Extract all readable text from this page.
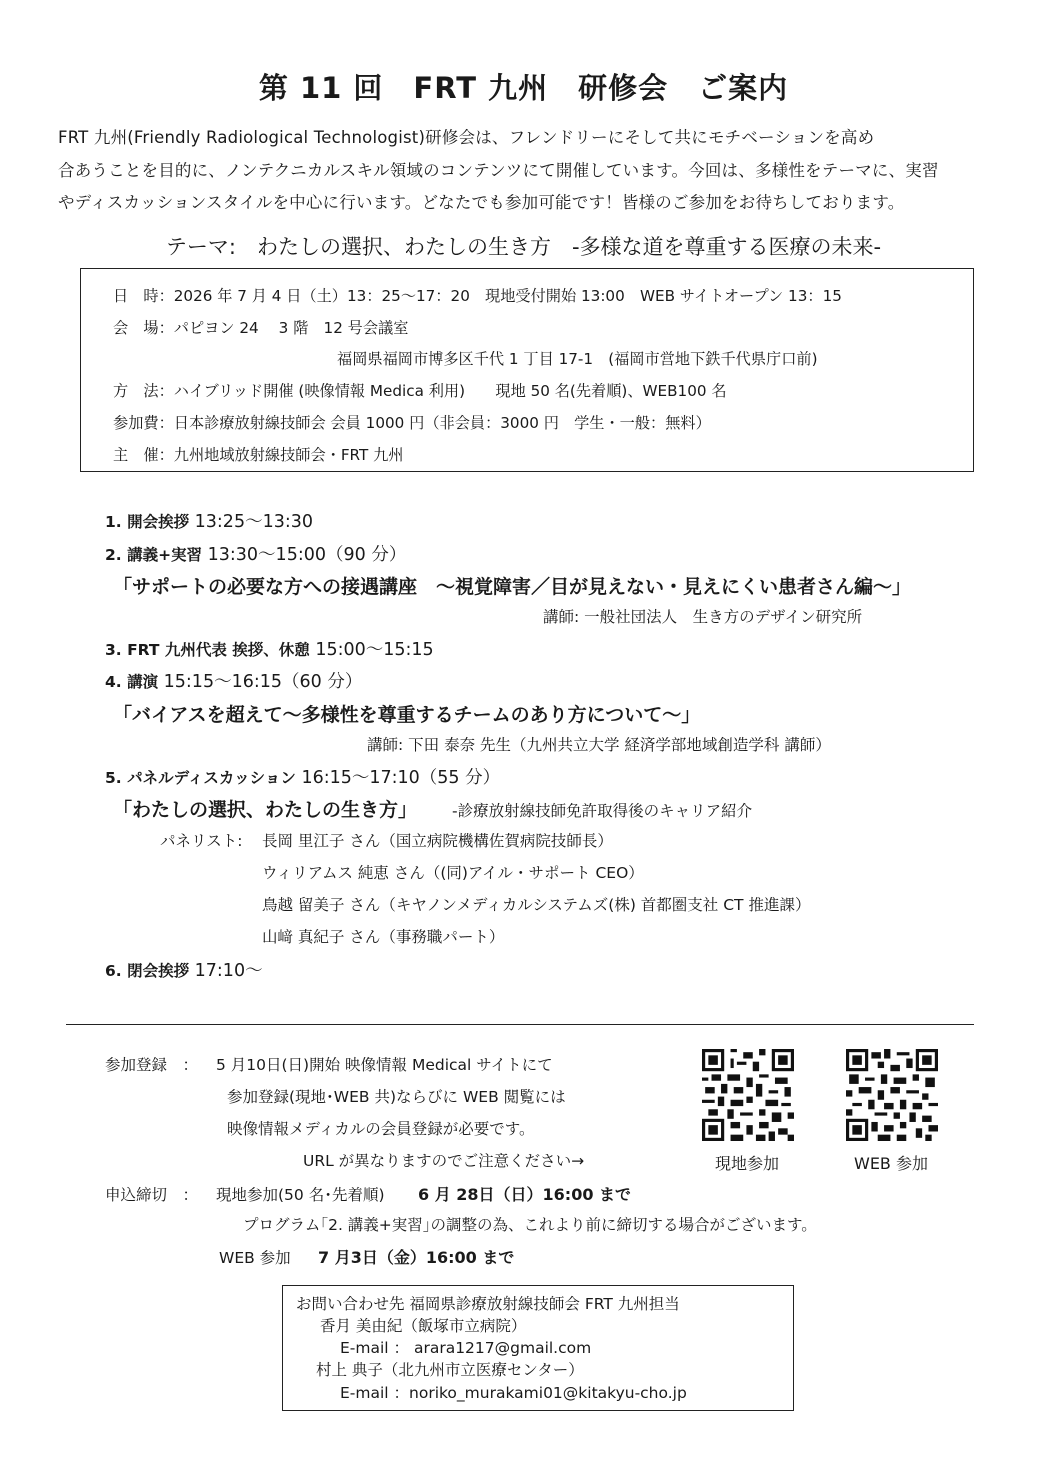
第 11 回　FRT 九州　研修会　ご案内
FRT 九州(Friendly Radiological Technologist)研修会は、フレンドリーにそして共にモチベーションを高め
合あうことを目的に、ノンテクニカルスキル領域のコンテンツにて開催しています。今回は、多様性をテーマに、実習
やディスカッションスタイルを中心に行います。どなたでも参加可能です！皆様のご参加をお待ちしております。
テーマ:　わたしの選択、わたしの生き方　-多様な道を尊重する医療の未来-
日　時：2026 年 7 月 4 日（土）13：25～17：20　現地受付開始 13:00　WEB サイトオープン 13：15
会　場：パピヨン 24　 3 階　12 号会議室
福岡県福岡市博多区千代 1 丁目 17-1　(福岡市営地下鉄千代県庁口前)
方　法：ハイブリッド開催 (映像情報 Medica 利用)　　現地 50 名(先着順)、WEB100 名
参加費：日本診療放射線技師会 会員 1000 円（非会員：3000 円　学生・一般：無料）
主　催：九州地域放射線技師会・FRT 九州
1. 開会挨拶 13:25～13:30
2. 講義+実習 13:30～15:00（90 分）
「サポートの必要な方への接遇講座　～視覚障害／目が見えない・見えにくい患者さん編～」
講師: 一般社団法人　生き方のデザイン研究所
3. FRT 九州代表 挨拶、休憩 15:00～15:15
4. 講演 15:15～16:15（60 分）
「バイアスを超えて～多様性を尊重するチームのあり方について～」
講師: 下田 泰奈 先生（九州共立大学 経済学部地域創造学科 講師）
5. パネルディスカッション 16:15～17:10（55 分）
「わたしの選択、わたしの生き方」 -診療放射線技師免許取得後のキャリア紹介
パネリスト: 長岡 里江子 さん（国立病院機構佐賀病院技師長）
ウィリアムス 純恵 さん（(同)アイル・サポート CEO）
鳥越 留美子 さん（キヤノンメディカルシステムズ(株) 首都圏支社 CT 推進課）
山﨑 真紀子 さん（事務職パート）
6. 閉会挨拶 17:10～
参加登録　： 5 月10日(日)開始 映像情報 Medical サイトにて
参加登録(現地･WEB 共)ならびに WEB 閲覧には
映像情報メディカルの会員登録が必要です。
URL が異なりますのでご注意ください→	現地参加	WEB 参加
申込締切　： 現地参加(50 名･先着順) 6 月 28日（日）16:00 まで
プログラム｢2. 講義+実習｣の調整の為、これより前に締切する場合がございます。
WEB 参加 7 月3日（金）16:00 まで
お問い合わせ先 福岡県診療放射線技師会 FRT 九州担当
香月 美由紀（飯塚市立病院）
E-mail ： arara1217@gmail.com
村上 典子（北九州市立医療センター）
E-mail ：noriko_murakami01@kitakyu-cho.jp
